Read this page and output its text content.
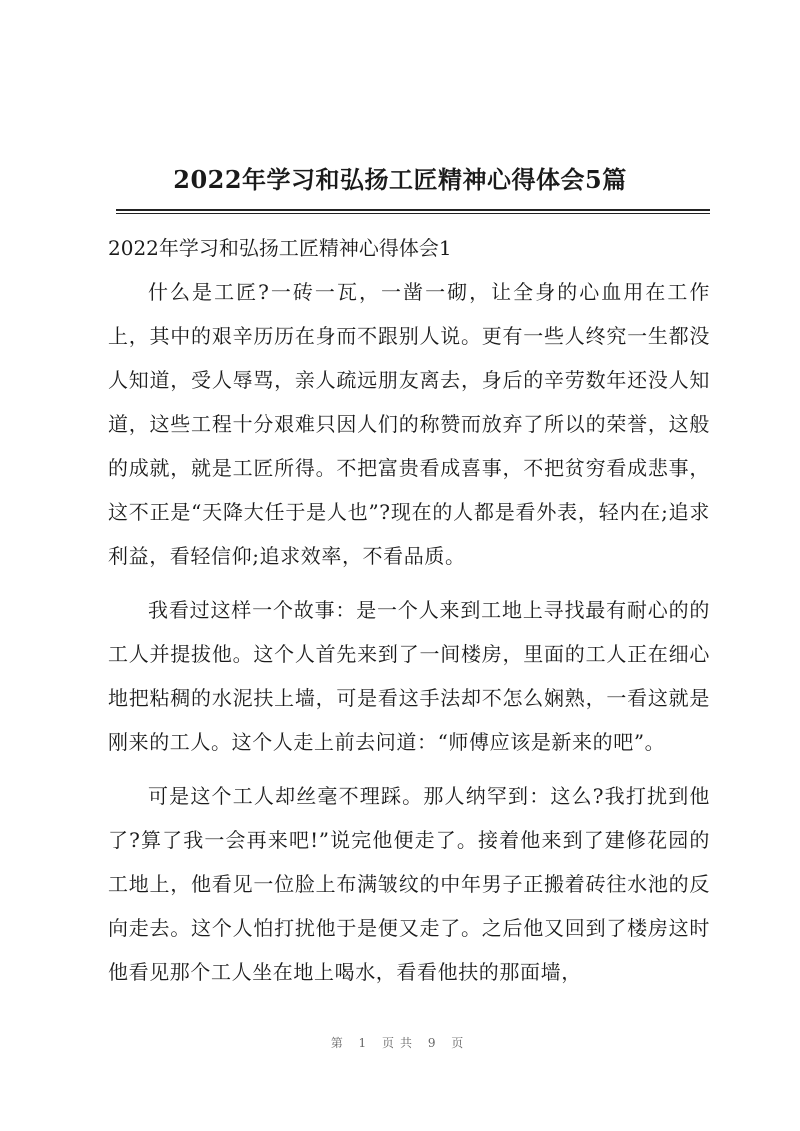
2022年学习和弘扬工匠精神心得体会5篇
2022年学习和弘扬工匠精神心得体会1

什么是工匠?一砖一瓦，一凿一砌，让全身的心血用在工作上，其中的艰辛历历在身而不跟别人说。更有一些人终究一生都没人知道，受人辱骂，亲人疏远朋友离去，身后的辛劳数年还没人知道，这些工程十分艰难只因人们的称赞而放弃了所以的荣誉，这般的成就，就是工匠所得。不把富贵看成喜事，不把贫穷看成悲事，这不正是“天降大任于是人也”?现在的人都是看外表，轻内在;追求利益，看轻信仰;追求效率，不看品质。

我看过这样一个故事：是一个人来到工地上寻找最有耐心的的工人并提拔他。这个人首先来到了一间楼房，里面的工人正在细心地把粘稠的水泥扶上墙，可是看这手法却不怎么娴熟，一看这就是刚来的工人。这个人走上前去问道：“师傅应该是新来的吧”。

可是这个工人却丝毫不理踩。那人纳罕到：这么?我打扰到他了?算了我一会再来吧!”说完他便走了。接着他来到了建修花园的工地上，他看见一位脸上布满皱纹的中年男子正搬着砖往水池的反向走去。这个人怕打扰他于是便又走了。之后他又回到了楼房这时他看见那个工人坐在地上喝水，看看他扶的那面墙，

第 1 页共 9 页
